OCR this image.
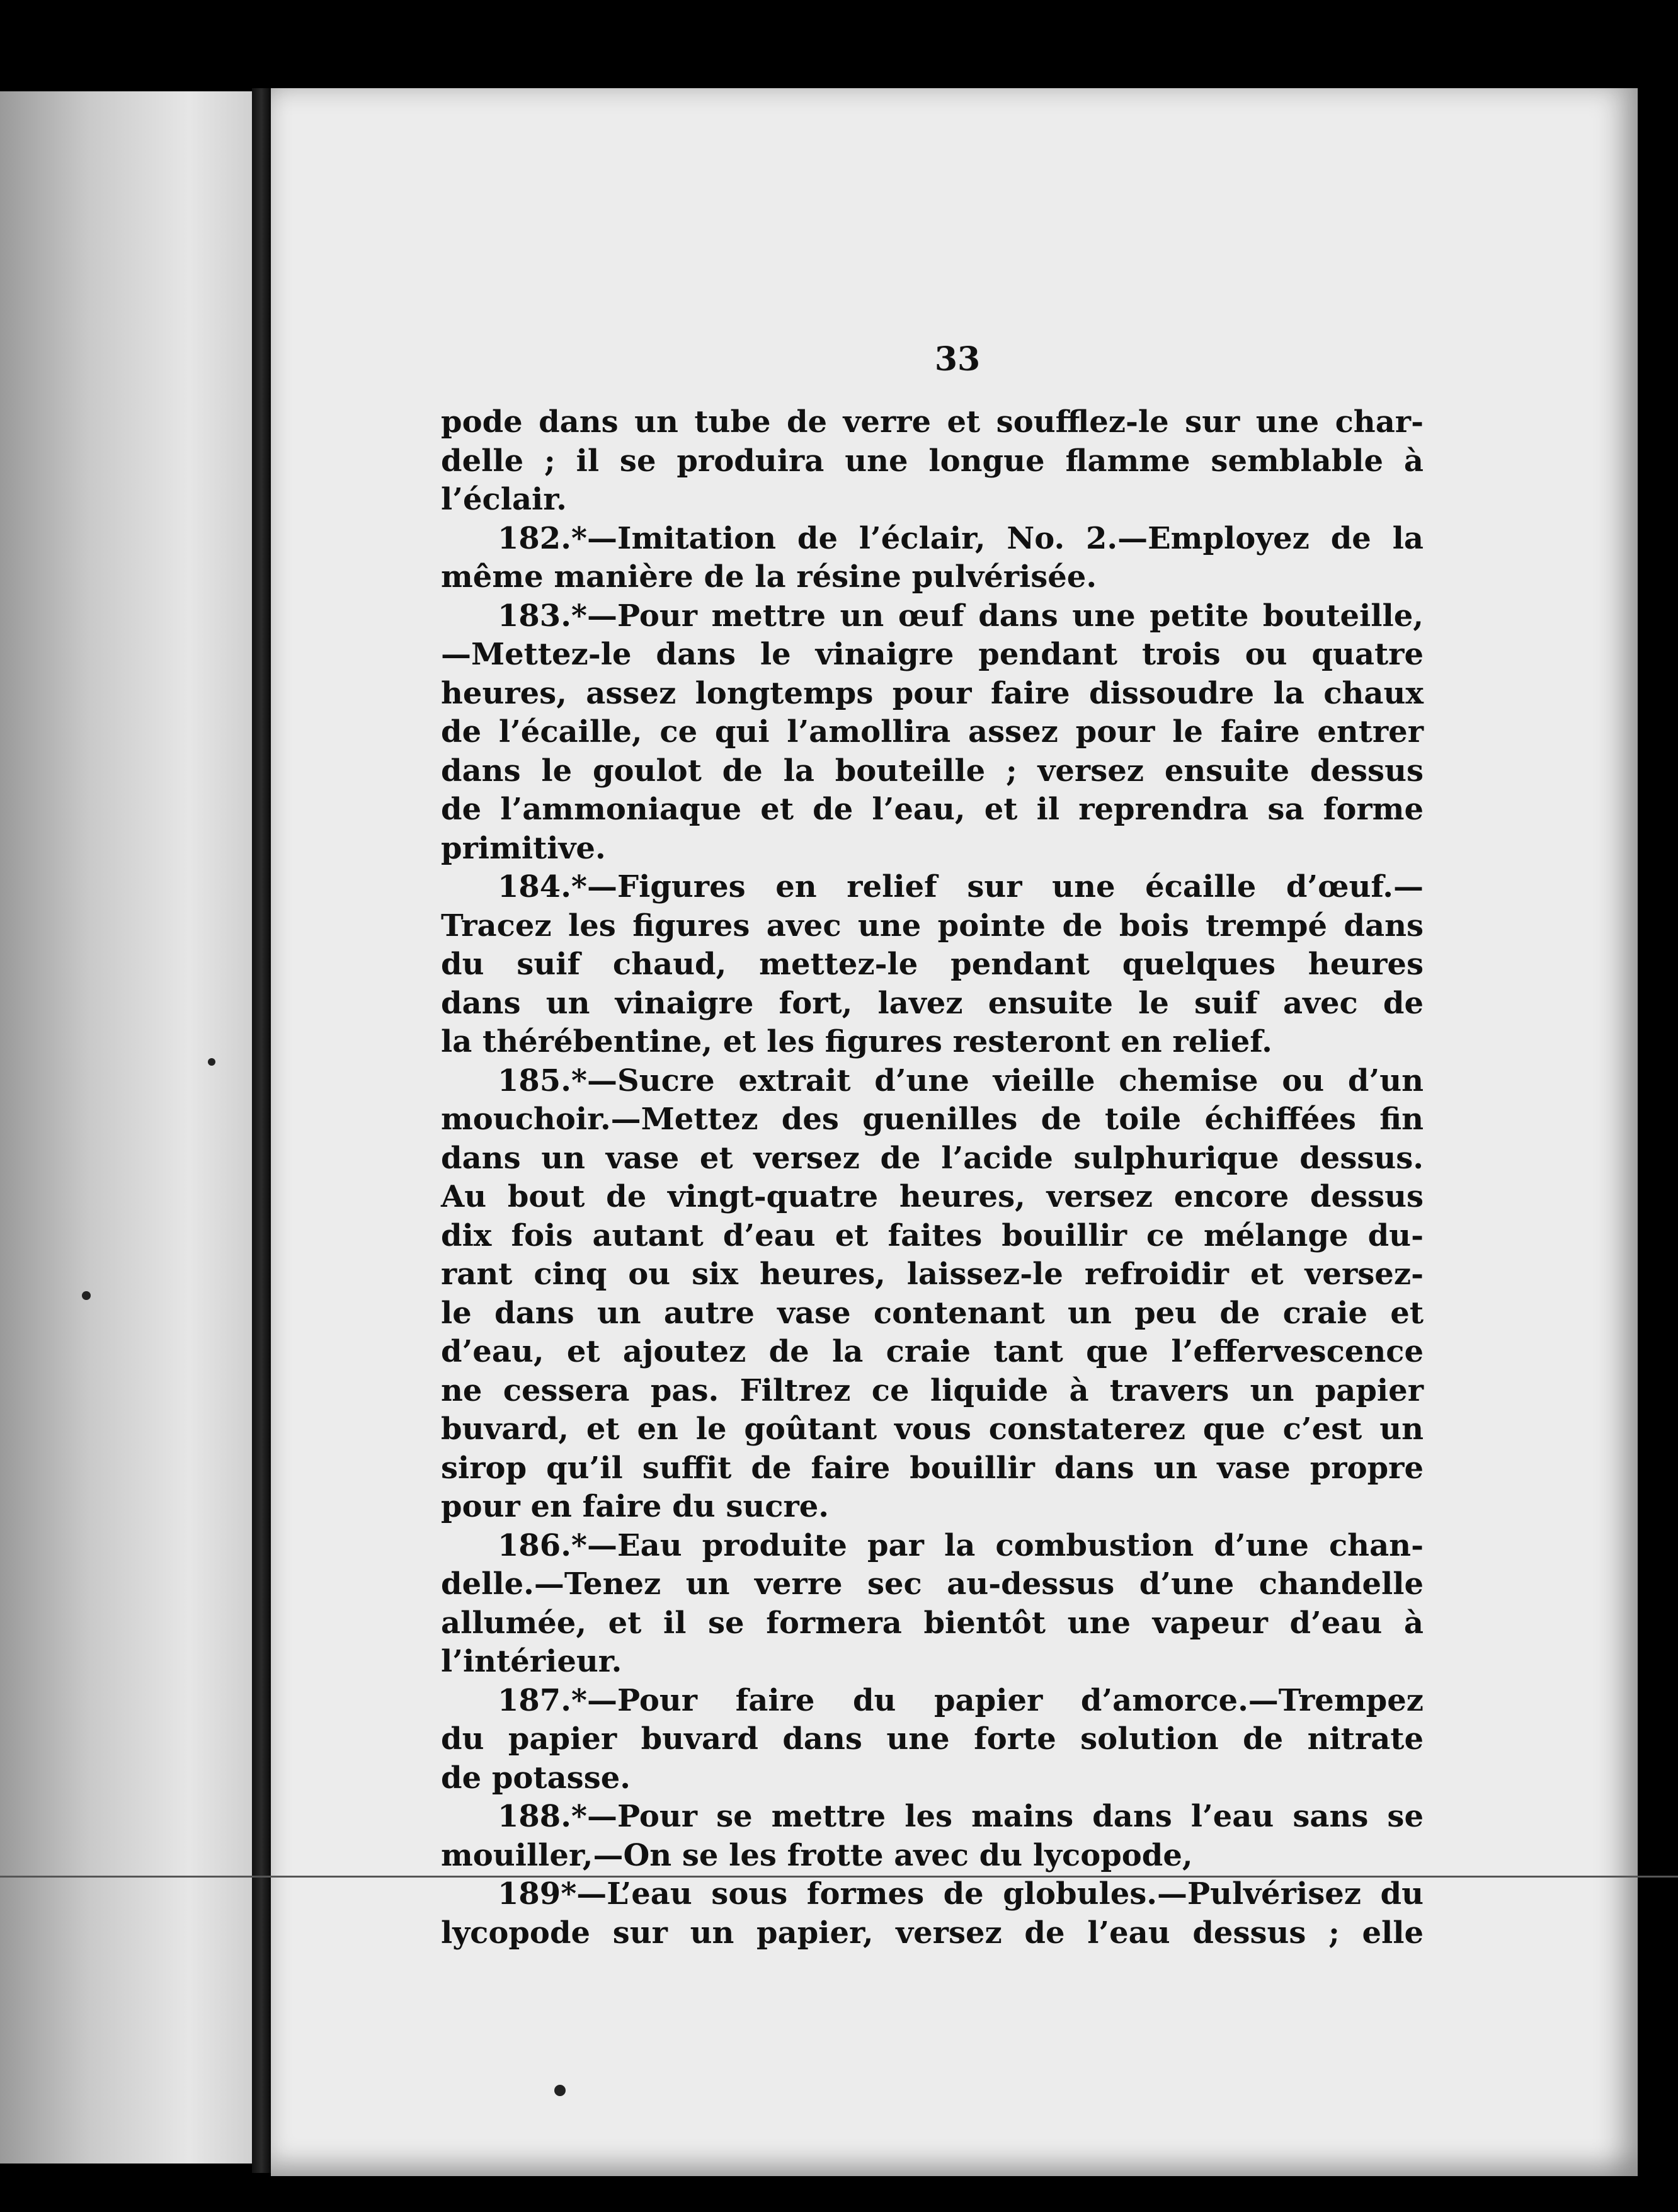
33
pode dans un tube de verre et soufflez-le sur une char-
delle ; il se produira une longue flamme semblable à
l’éclair.
182.*—Imitation de l’éclair, No. 2.—Employez de la
même manière de la résine pulvérisée.
183.*—Pour mettre un œuf dans une petite bouteille,
—Mettez-le dans le vinaigre pendant trois ou quatre
heures, assez longtemps pour faire dissoudre la chaux
de l’écaille, ce qui l’amollira assez pour le faire entrer
dans le goulot de la bouteille ; versez ensuite dessus
de l’ammoniaque et de l’eau, et il reprendra sa forme
primitive.
184.*—Figures en relief sur une écaille d’œuf.—
Tracez les figures avec une pointe de bois trempé dans
du suif chaud, mettez-le pendant quelques heures
dans un vinaigre fort, lavez ensuite le suif avec de
la thérébentine, et les figures resteront en relief.
185.*—Sucre extrait d’une vieille chemise ou d’un
mouchoir.—Mettez des guenilles de toile échiffées fin
dans un vase et versez de l’acide sulphurique dessus.
Au bout de vingt-quatre heures, versez encore dessus
dix fois autant d’eau et faites bouillir ce mélange du-
rant cinq ou six heures, laissez-le refroidir et versez-
le dans un autre vase contenant un peu de craie et
d’eau, et ajoutez de la craie tant que l’effervescence
ne cessera pas. Filtrez ce liquide à travers un papier
buvard, et en le goûtant vous constaterez que c’est un
sirop qu’il suffit de faire bouillir dans un vase propre
pour en faire du sucre.
186.*—Eau produite par la combustion d’une chan-
delle.—Tenez un verre sec au-dessus d’une chandelle
allumée, et il se formera bientôt une vapeur d’eau à
l’intérieur.
187.*—Pour faire du papier d’amorce.—Trempez
du papier buvard dans une forte solution de nitrate
de potasse.
188.*—Pour se mettre les mains dans l’eau sans se
mouiller,—On se les frotte avec du lycopode,
189*—L’eau sous formes de globules.—Pulvérisez du
lycopode sur un papier, versez de l’eau dessus ; elle
